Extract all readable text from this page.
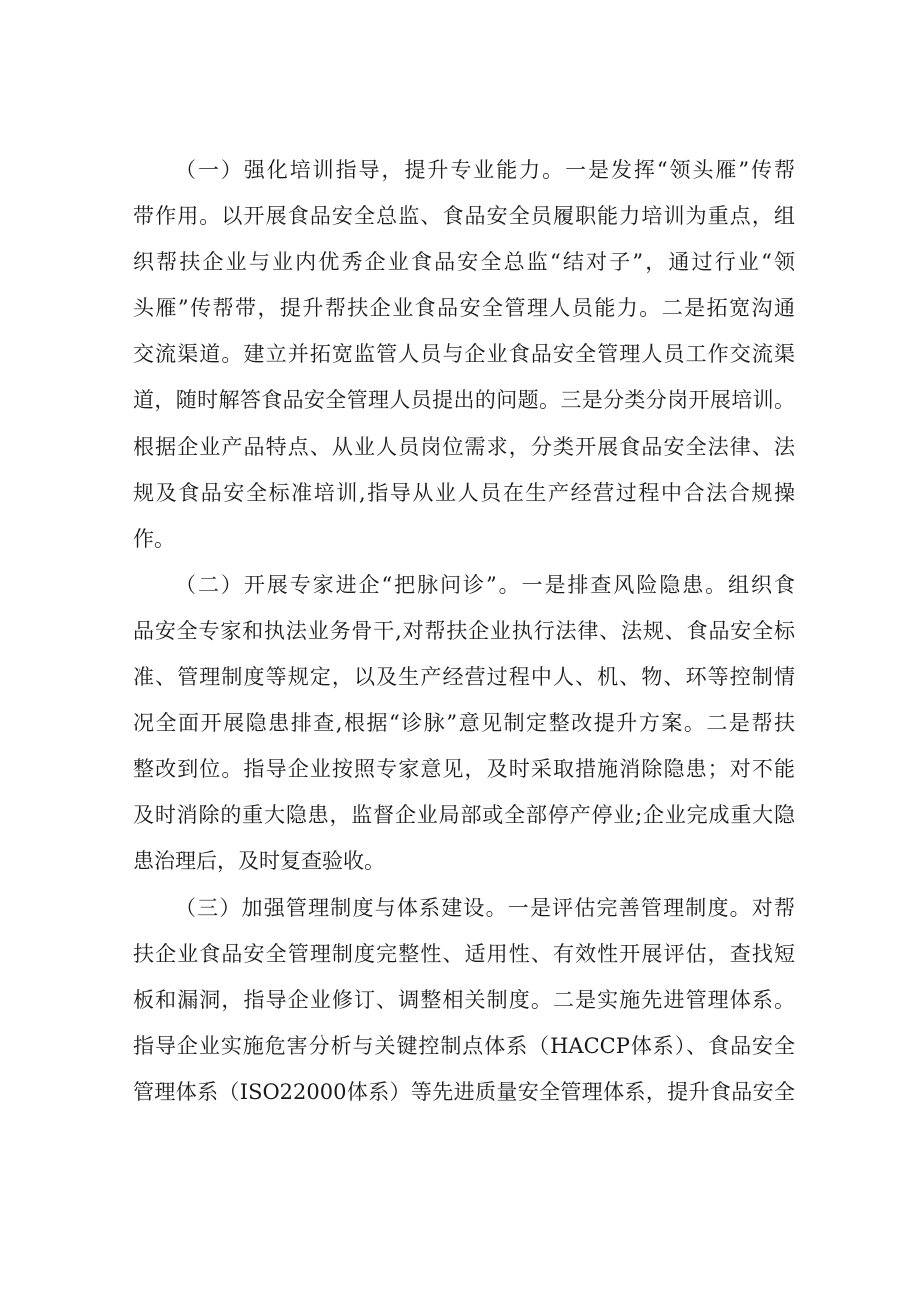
（一）强化培训指导，提升专业能力。一是发挥“领头雁”传帮
带作用。以开展食品安全总监、食品安全员履职能力培训为重点，组
织帮扶企业与业内优秀企业食品安全总监“结对子”，通过行业“领
头雁”传帮带，提升帮扶企业食品安全管理人员能力。二是拓宽沟通
交流渠道。建立并拓宽监管人员与企业食品安全管理人员工作交流渠
道，随时解答食品安全管理人员提出的问题。三是分类分岗开展培训。
根据企业产品特点、从业人员岗位需求，分类开展食品安全法律、法
规及食品安全标准培训,指导从业人员在生产经营过程中合法合规操
作。
（二）开展专家进企“把脉问诊”。一是排查风险隐患。组织食
品安全专家和执法业务骨干,对帮扶企业执行法律、法规、食品安全标
准、管理制度等规定，以及生产经营过程中人、机、物、环等控制情
况全面开展隐患排查,根据“诊脉”意见制定整改提升方案。二是帮扶
整改到位。指导企业按照专家意见，及时采取措施消除隐患；对不能
及时消除的重大隐患，监督企业局部或全部停产停业;企业完成重大隐
患治理后，及时复查验收。
（三）加强管理制度与体系建设。一是评估完善管理制度。对帮
扶企业食品安全管理制度完整性、适用性、有效性开展评估，查找短
板和漏洞，指导企业修订、调整相关制度。二是实施先进管理体系。
指导企业实施危害分析与关键控制点体系（HACCP体系）、食品安全
管理体系（ISO22000体系）等先进质量安全管理体系，提升食品安全
